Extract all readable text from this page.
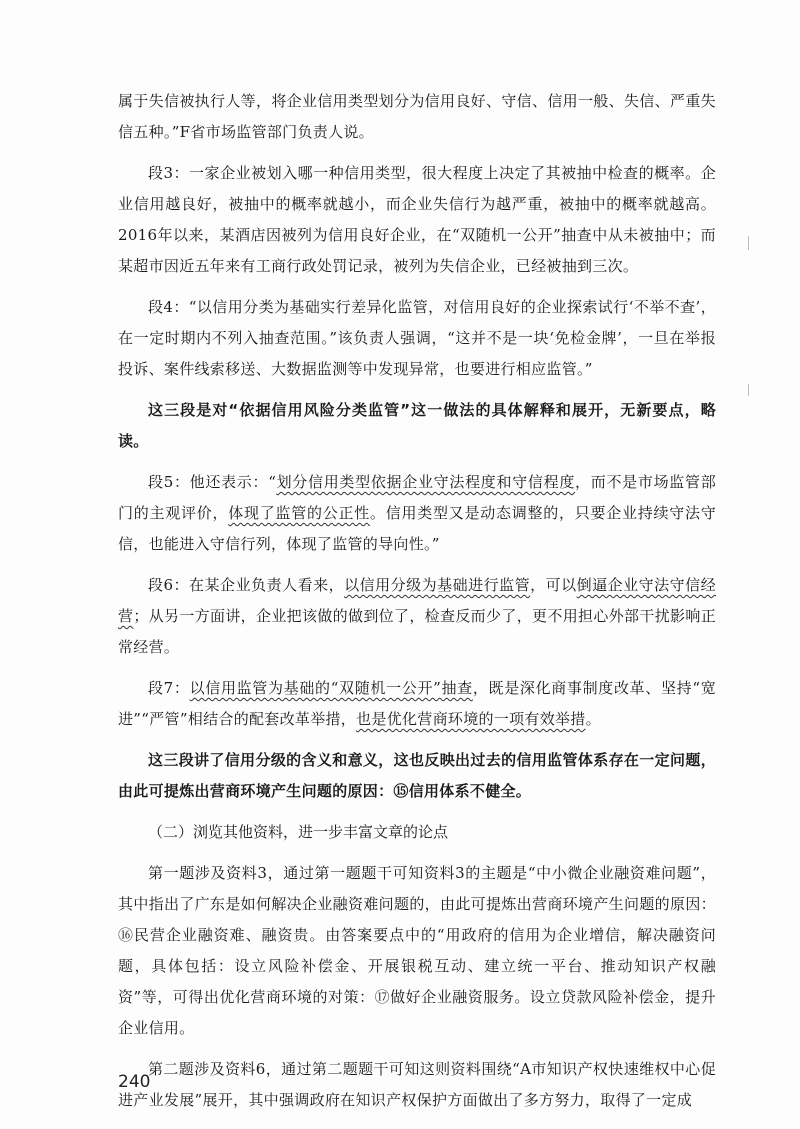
属于失信被执行人等，将企业信用类型划分为信用良好、守信、信用一般、失信、严重失信五种。”F省市场监管部门负责人说。

段3：一家企业被划入哪一种信用类型，很大程度上决定了其被抽中检查的概率。企业信用越良好，被抽中的概率就越小，而企业失信行为越严重，被抽中的概率就越高。2016年以来，某酒店因被列为信用良好企业，在“双随机一公开”抽查中从未被抽中；而某超市因近五年来有工商行政处罚记录，被列为失信企业，已经被抽到三次。

段4：“以信用分类为基础实行差异化监管，对信用良好的企业探索试行‘不举不查’，在一定时期内不列入抽查范围。”该负责人强调，“这并不是一块‘免检金牌’，一旦在举报投诉、案件线索移送、大数据监测等中发现异常，也要进行相应监管。”

这三段是对“依据信用风险分类监管”这一做法的具体解释和展开，无新要点，略读。

段5：他还表示：“划分信用类型依据企业守法程度和守信程度，而不是市场监管部门的主观评价，体现了监管的公正性。信用类型又是动态调整的，只要企业持续守法守信，也能进入守信行列，体现了监管的导向性。”

段6：在某企业负责人看来，以信用分级为基础进行监管，可以倒逼企业守法守信经营；从另一方面讲，企业把该做的做到位了，检查反而少了，更不用担心外部干扰影响正常经营。

段7：以信用监管为基础的“双随机一公开”抽查，既是深化商事制度改革、坚持“宽进”“严管”相结合的配套改革举措，也是优化营商环境的一项有效举措。

这三段讲了信用分级的含义和意义，这也反映出过去的信用监管体系存在一定问题，由此可提炼出营商环境产生问题的原因：⑮信用体系不健全。

（二）浏览其他资料，进一步丰富文章的论点

第一题涉及资料3，通过第一题题干可知资料3的主题是“中小微企业融资难问题”，其中指出了广东是如何解决企业融资难问题的，由此可提炼出营商环境产生问题的原因：⑯民营企业融资难、融资贵。由答案要点中的“用政府的信用为企业增信，解决融资问题，具体包括：设立风险补偿金、开展银税互动、建立统一平台、推动知识产权融资”等，可得出优化营商环境的对策：⑰做好企业融资服务。设立贷款风险补偿金，提升企业信用。

第二题涉及资料6，通过第二题题干可知这则资料围绕“A市知识产权快速维权中心促进产业发展”展开，其中强调政府在知识产权保护方面做出了多方努力，取得了一定成

240
